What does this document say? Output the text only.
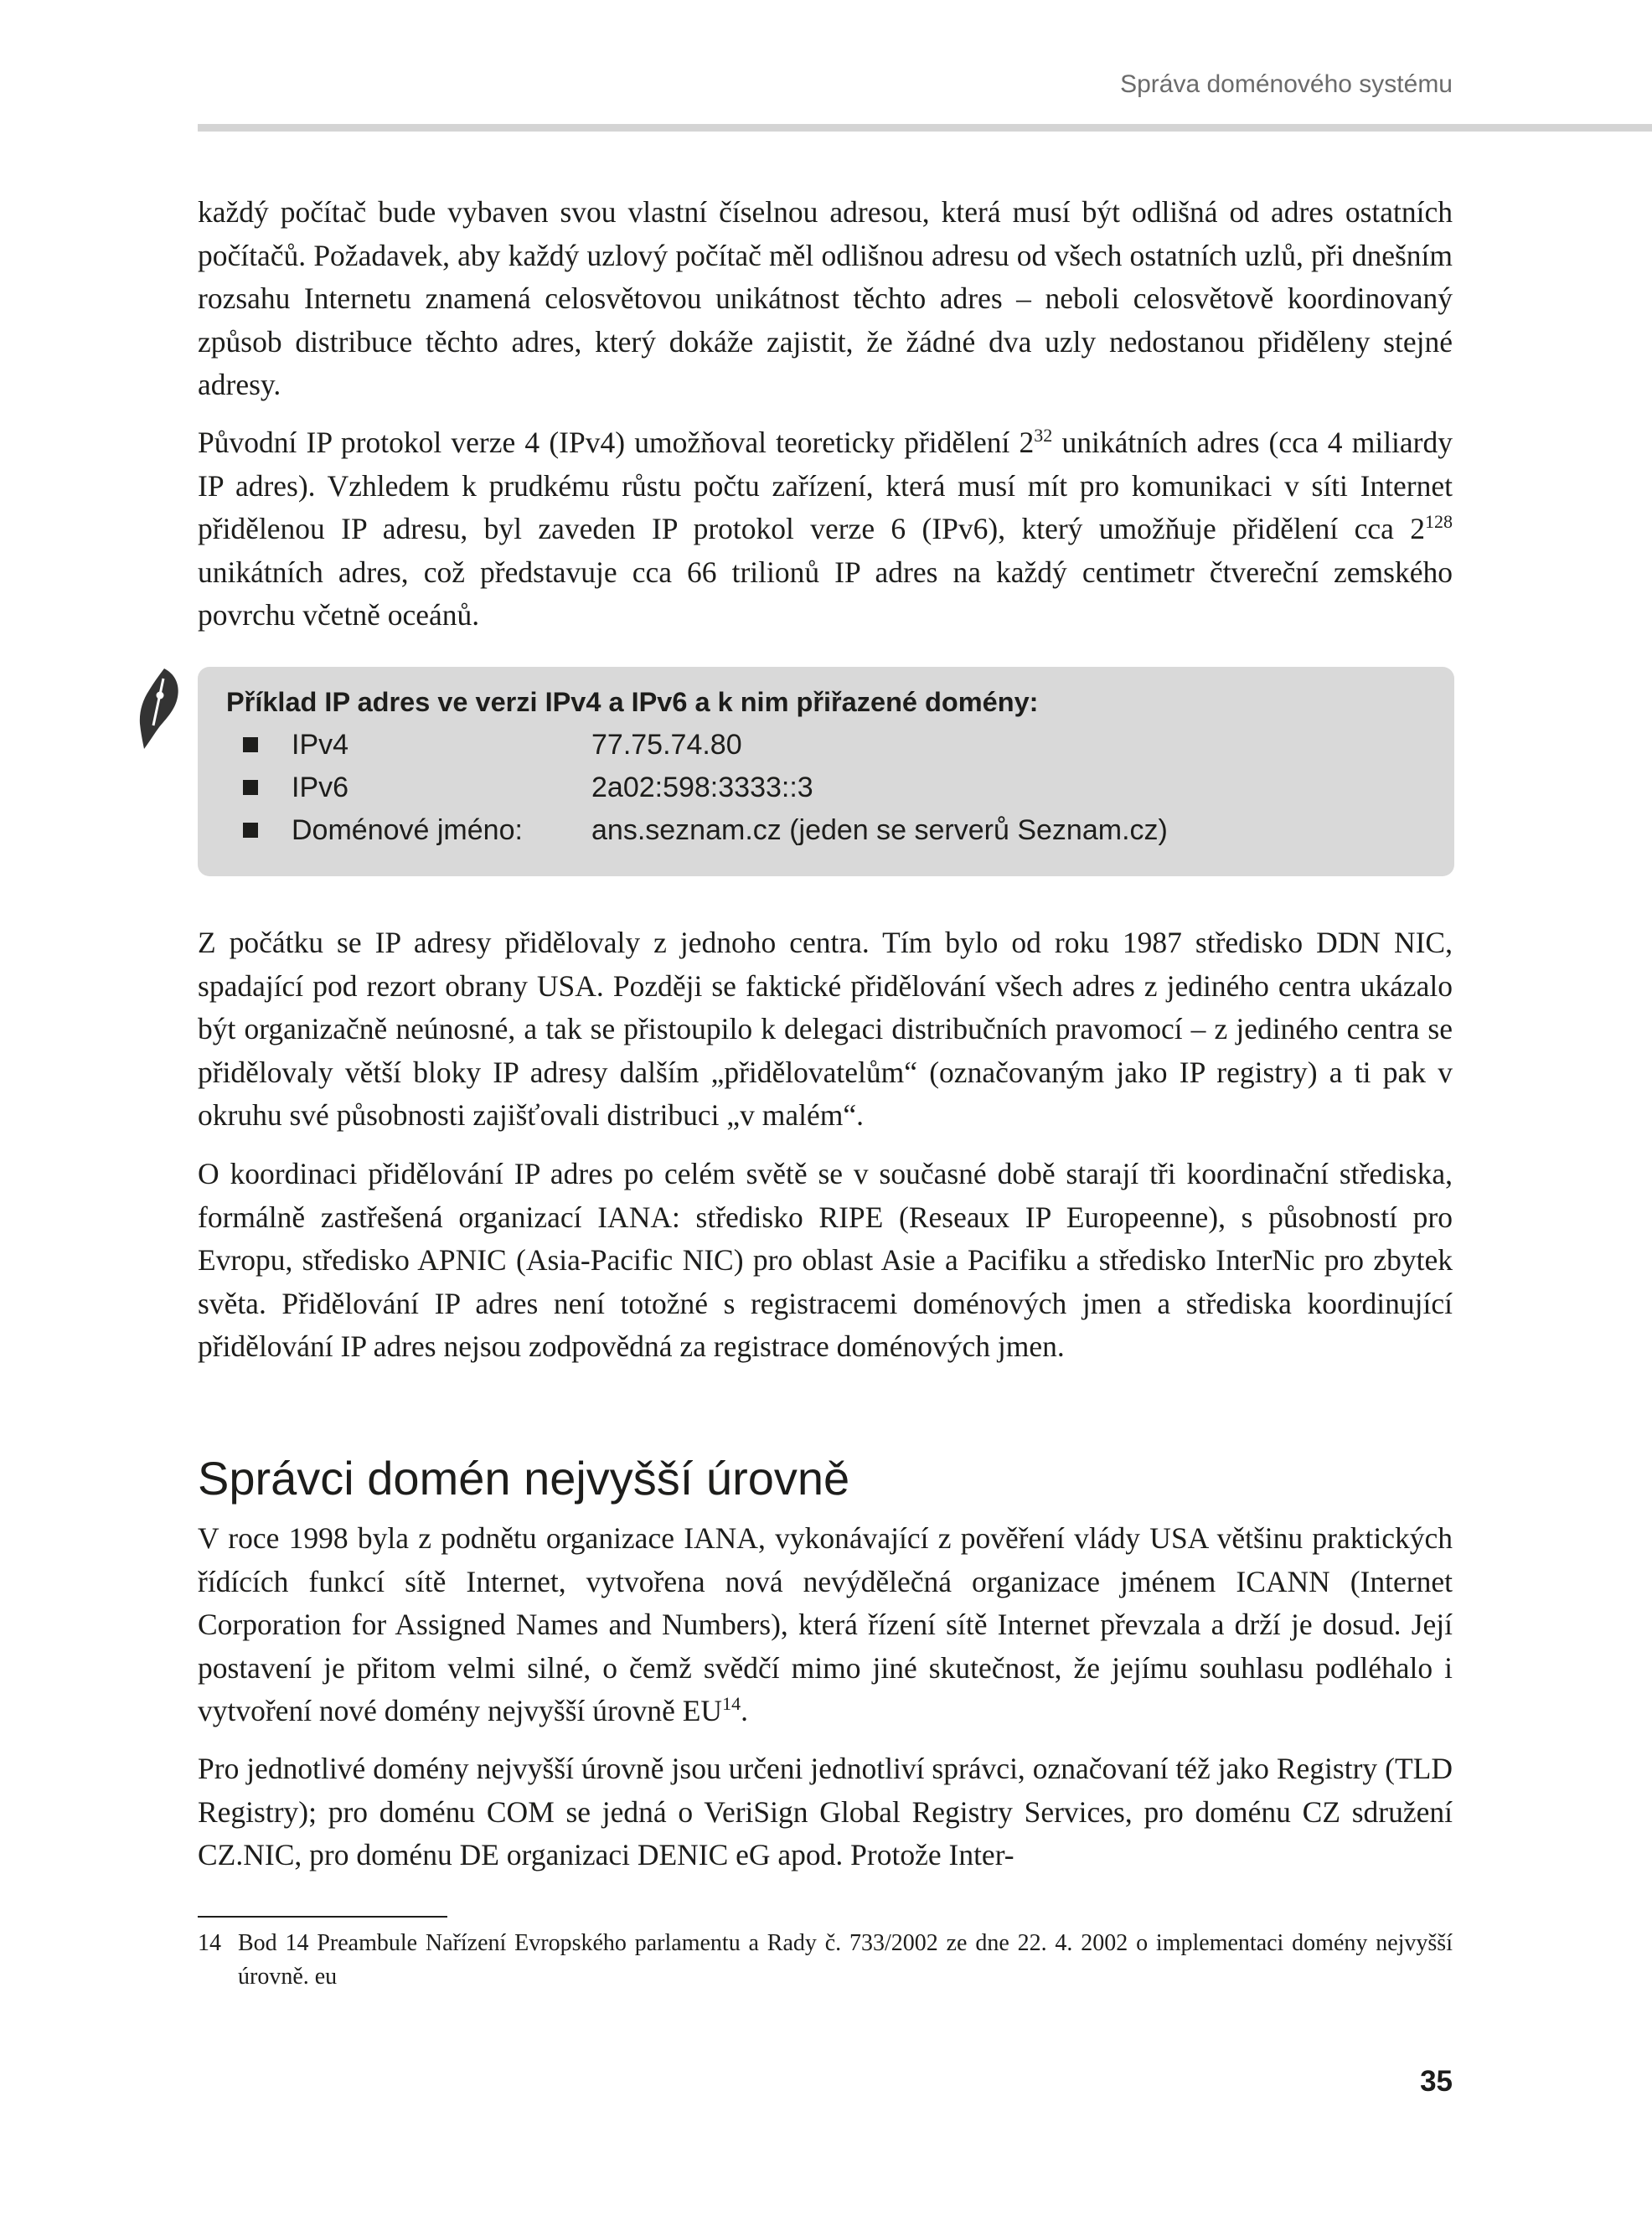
Správa doménového systému

každý počítač bude vybaven svou vlastní číselnou adresou, která musí být odlišná od adres ostatních počítačů. Požadavek, aby každý uzlový počítač měl odlišnou adresu od všech ostatních uzlů, při dnešním rozsahu Internetu znamená celosvětovou unikátnost těchto adres – neboli celosvětově koordinovaný způsob distribuce těchto adres, který dokáže zajistit, že žádné dva uzly nedostanou přiděleny stejné adresy.

Původní IP protokol verze 4 (IPv4) umožňoval teoreticky přidělení $2^{32}$ unikátních adres (cca 4 miliardy IP adres). Vzhledem k prudkému růstu počtu zařízení, která musí mít pro komunikaci v síti Internet přidělenou IP adresu, byl zaveden IP protokol verze 6 (IPv6), který umožňuje přidělení cca $2^{128}$ unikátních adres, což představuje cca 66 trilionů IP adres na každý centimetr čtvereční zemského povrchu včetně oceánů.

Příklad IP adres ve verzi IPv4 a IPv6 a k nim přiřazené domény:
IPv4	77.75.74.80
IPv6	2a02:598:3333::3
Doménové jméno: ans.seznam.cz (jeden se serverů Seznam.cz)

Z počátku se IP adresy přidělovaly z jednoho centra. Tím bylo od roku 1987 středisko DDN NIC, spadající pod rezort obrany USA. Později se faktické přidělování všech adres z jediného centra ukázalo být organizačně neúnosné, a tak se přistoupilo k delegaci distribučních pravomocí – z jediného centra se přidělovaly větší bloky IP adresy dalším „přidělovatelům“ (označovaným jako IP registry) a ti pak v okruhu své působnosti zajišťovali distribuci „v malém“.

O koordinaci přidělování IP adres po celém světě se v současné době starají tři koordinační střediska, formálně zastřešená organizací IANA: středisko RIPE (Reseaux IP Europeenne), s působností pro Evropu, středisko APNIC (Asia-Pacific NIC) pro oblast Asie a Pacifiku a středisko InterNic pro zbytek světa. Přidělování IP adres není totožné s registracemi doménových jmen a střediska koordinující přidělování IP adres nejsou zodpovědná za registrace doménových jmen.

Správci domén nejvyšší úrovně

V roce 1998 byla z podnětu organizace IANA, vykonávající z pověření vlády USA většinu praktických řídících funkcí sítě Internet, vytvořena nová nevýdělečná organizace jménem ICANN (Internet Corporation for Assigned Names and Numbers), která řízení sítě Internet převzala a drží je dosud. Její postavení je přitom velmi silné, o čemž svědčí mimo jiné skutečnost, že jejímu souhlasu podléhalo i vytvoření nové domény nejvyšší úrovně EU$^{14}$.

Pro jednotlivé domény nejvyšší úrovně jsou určeni jednotliví správci, označovaní též jako Registry (TLD Registry); pro doménu COM se jedná o VeriSign Global Registry Services, pro doménu CZ sdružení CZ.NIC, pro doménu DE organizaci DENIC eG apod. Protože Inter-

14 Bod 14 Preambule Nařízení Evropského parlamentu a Rady č. 733/2002 ze dne 22. 4. 2002 o implementaci domény nejvyšší úrovně. eu

35
